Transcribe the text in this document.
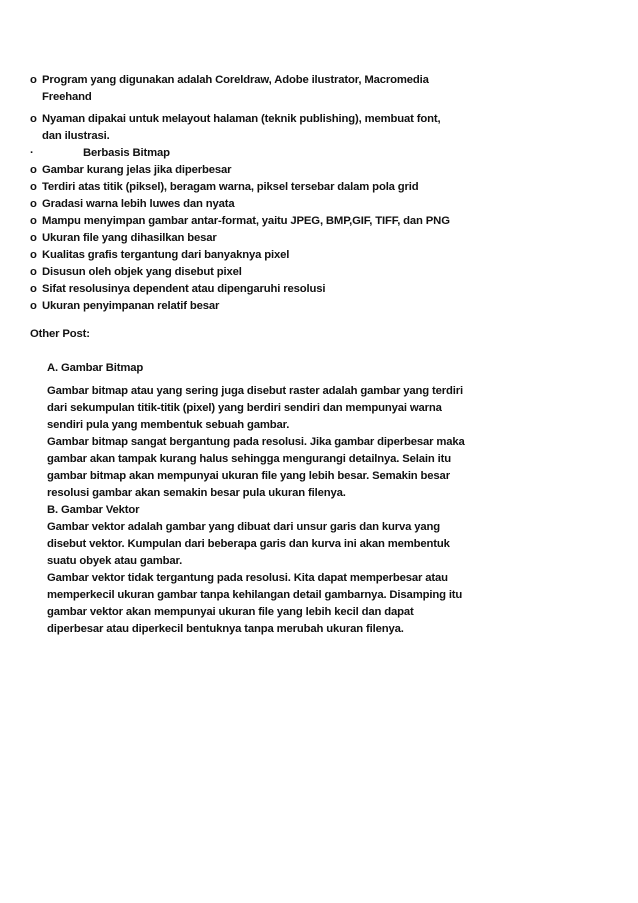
o Program yang digunakan adalah Coreldraw, Adobe ilustrator, Macromedia
Freehand
o Nyaman dipakai untuk melayout halaman (teknik publishing), membuat font,
dan ilustrasi.
·	Berbasis Bitmap
o Gambar kurang jelas jika diperbesar
o Terdiri atas titik (piksel), beragam warna, piksel tersebar dalam pola grid
o Gradasi warna lebih luwes dan nyata
o Mampu menyimpan gambar antar-format, yaitu JPEG, BMP,GIF, TIFF, dan PNG
o Ukuran file yang dihasilkan besar
o Kualitas grafis tergantung dari banyaknya pixel
o Disusun oleh objek yang disebut pixel
o Sifat resolusinya dependent atau dipengaruhi resolusi
o Ukuran penyimpanan relatif besar
Other Post:
A. Gambar Bitmap
Gambar bitmap atau yang sering juga disebut raster adalah gambar yang terdiri
dari sekumpulan titik-titik (pixel) yang berdiri sendiri dan mempunyai warna
sendiri pula yang membentuk sebuah gambar.
Gambar bitmap sangat bergantung pada resolusi. Jika gambar diperbesar maka
gambar akan tampak kurang halus sehingga mengurangi detailnya. Selain itu
gambar bitmap akan mempunyai ukuran file yang lebih besar. Semakin besar
resolusi gambar akan semakin besar pula ukuran filenya.
B. Gambar Vektor
Gambar vektor adalah gambar yang dibuat dari unsur garis dan kurva yang
disebut vektor. Kumpulan dari beberapa garis dan kurva ini akan membentuk
suatu obyek atau gambar.
Gambar vektor tidak tergantung pada resolusi. Kita dapat memperbesar atau
memperkecil ukuran gambar tanpa kehilangan detail gambarnya. Disamping itu
gambar vektor akan mempunyai ukuran file yang lebih kecil dan dapat
diperbesar atau diperkecil bentuknya tanpa merubah ukuran filenya.
